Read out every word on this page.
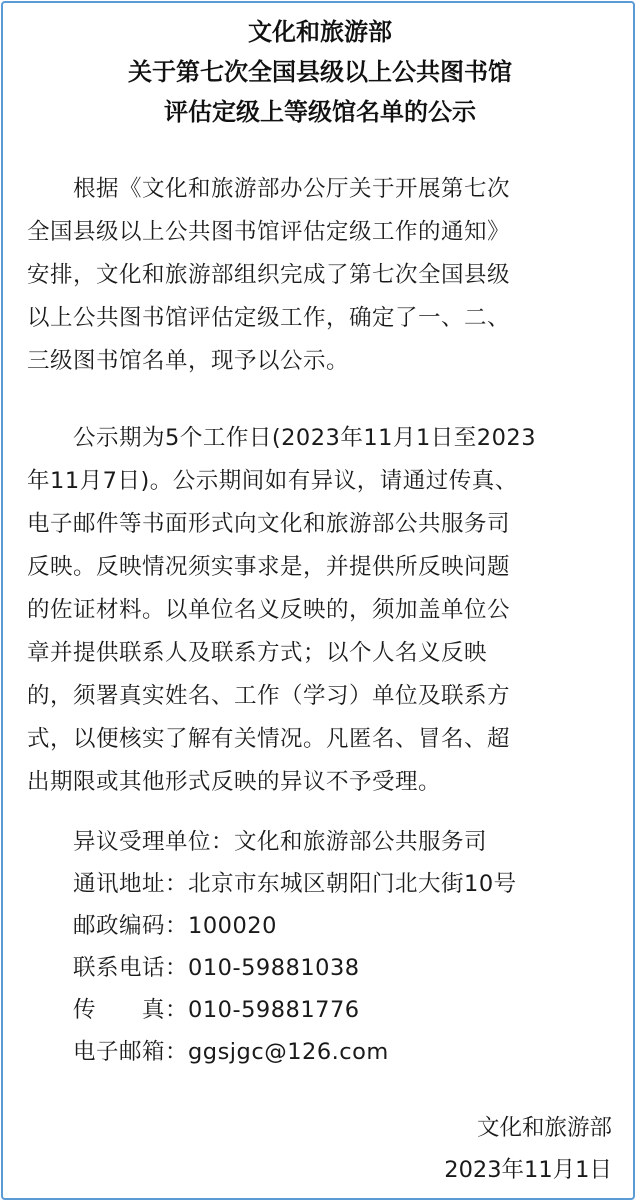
文化和旅游部
关于第七次全国县级以上公共图书馆
评估定级上等级馆名单的公示
　　根据《文化和旅游部办公厅关于开展第七次
全国县级以上公共图书馆评估定级工作的通知》
安排，文化和旅游部组织完成了第七次全国县级
以上公共图书馆评估定级工作，确定了一、二、
三级图书馆名单，现予以公示。
　　公示期为5个工作日(2023年11月1日至2023
年11月7日)。公示期间如有异议，请通过传真、
电子邮件等书面形式向文化和旅游部公共服务司
反映。反映情况须实事求是，并提供所反映问题
的佐证材料。以单位名义反映的，须加盖单位公
章并提供联系人及联系方式；以个人名义反映
的，须署真实姓名、工作（学习）单位及联系方
式，以便核实了解有关情况。凡匿名、冒名、超
出期限或其他形式反映的异议不予受理。
　　异议受理单位：文化和旅游部公共服务司
　　通讯地址：北京市东城区朝阳门北大街10号
　　邮政编码：100020
　　联系电话：010-59881038
　　传　　真：010-59881776
　　电子邮箱：ggsjgc@126.com
文化和旅游部
2023年11月1日
